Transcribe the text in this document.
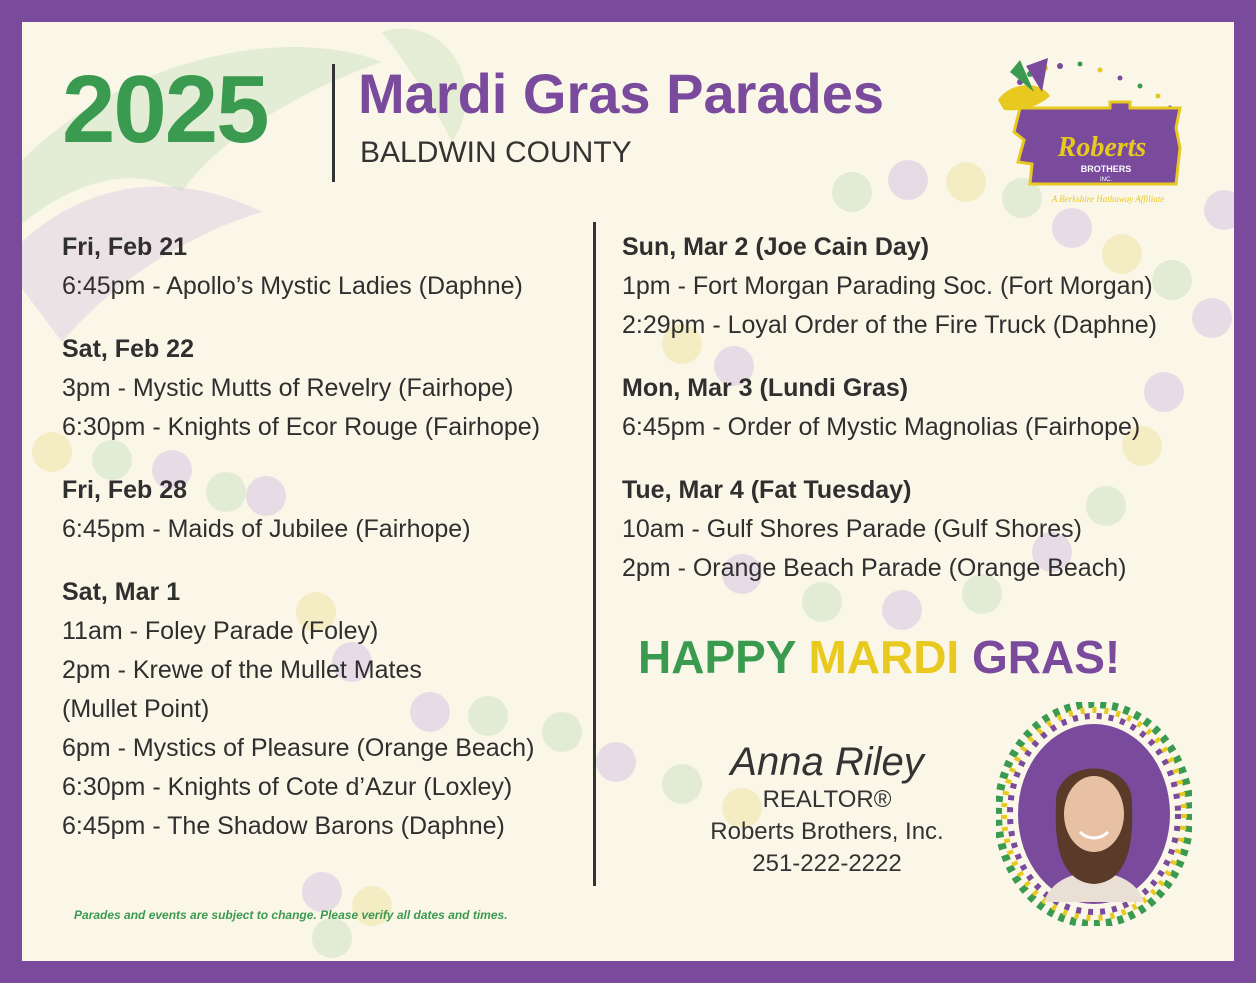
2025 Mardi Gras Parades
BALDWIN COUNTY	Roberts
BROTHERS
INC.
A Berkshire Hathaway Affiliate
Fri, Feb 21
6:45pm - Apollo’s Mystic Ladies (Daphne)
Sat, Feb 22
3pm - Mystic Mutts of Revelry (Fairhope)
6:30pm - Knights of Ecor Rouge (Fairhope)
Fri, Feb 28
6:45pm - Maids of Jubilee (Fairhope)
Sat, Mar 1
11am - Foley Parade (Foley)
2pm - Krewe of the Mullet Mates (Mullet Point)
6pm - Mystics of Pleasure (Orange Beach)
6:30pm - Knights of Cote d’Azur (Loxley)
6:45pm - The Shadow Barons (Daphne)
Sun, Mar 2 (Joe Cain Day)
1pm - Fort Morgan Parading Soc. (Fort Morgan)
2:29pm - Loyal Order of the Fire Truck (Daphne)
Mon, Mar 3 (Lundi Gras)
6:45pm - Order of Mystic Magnolias (Fairhope)
Tue, Mar 4 (Fat Tuesday)
10am - Gulf Shores Parade (Gulf Shores)
2pm - Orange Beach Parade (Orange Beach)
HAPPY MARDI GRAS!
Anna Riley
REALTOR®
Roberts Brothers, Inc.
251-222-2222
Parades and events are subject to change. Please verify all dates and times.
